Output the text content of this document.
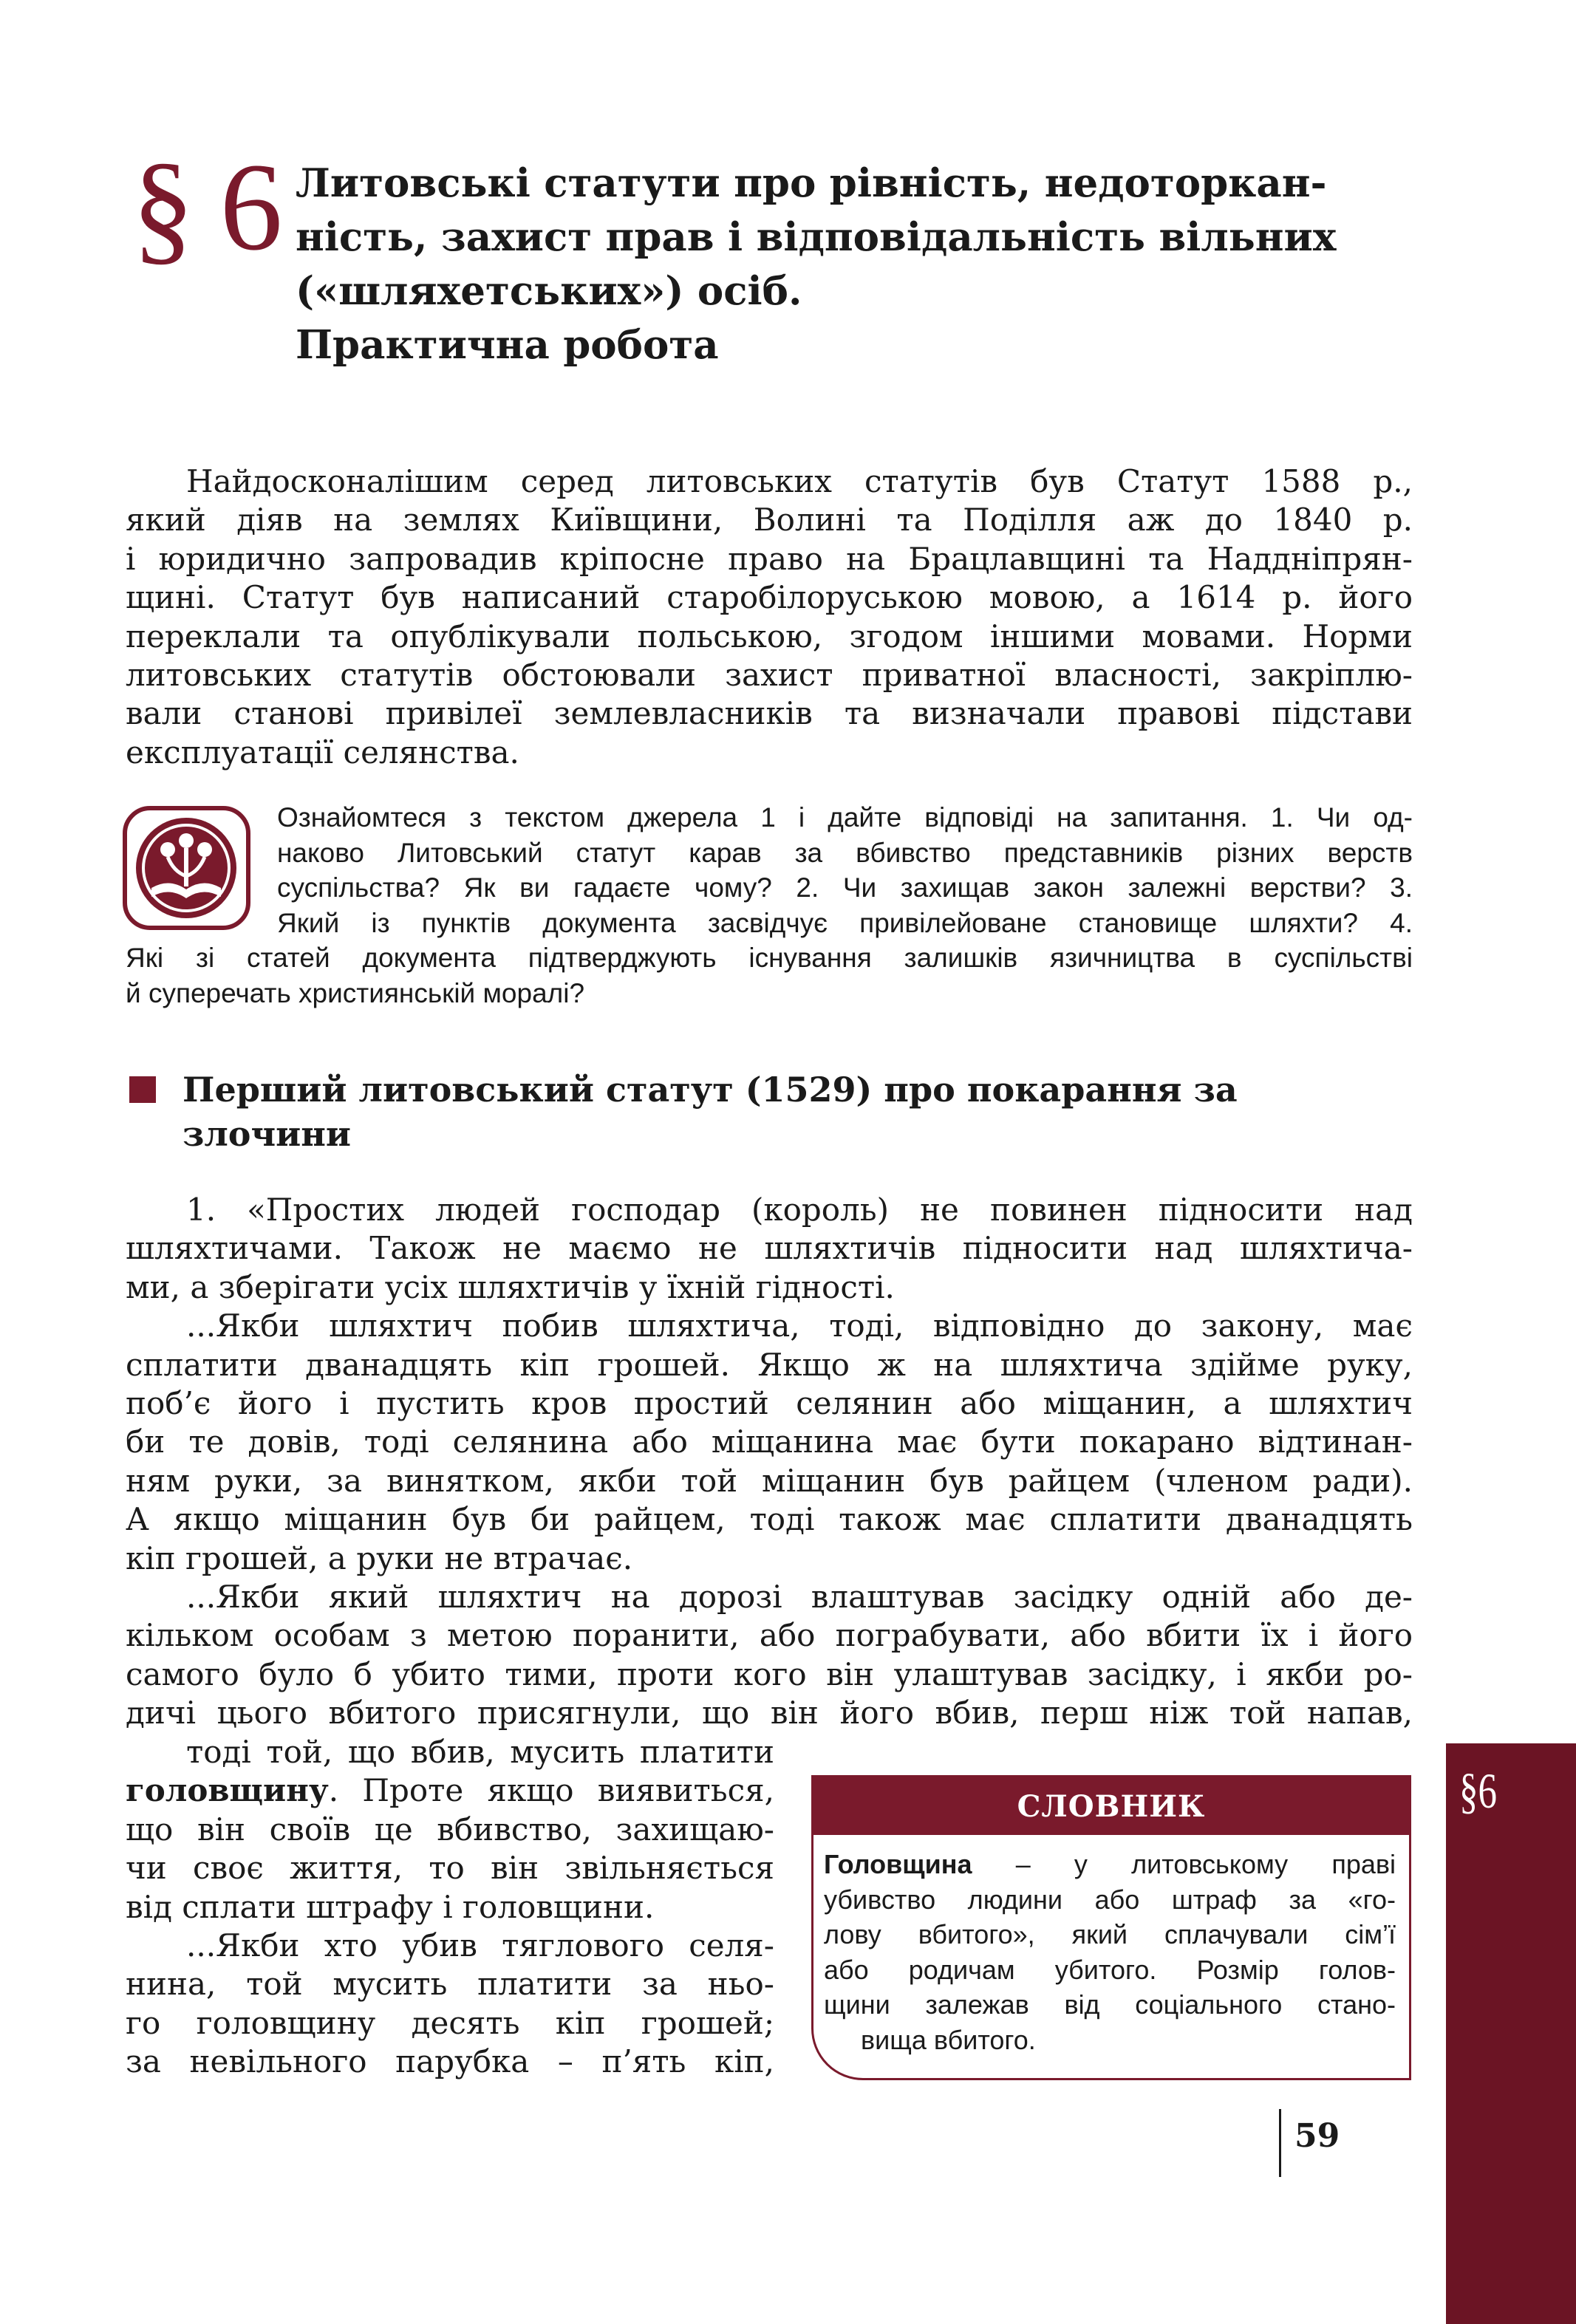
§ 6 Литовські статути про рівність, недоторкан-
ність, захист прав і відповідальність вільних
(«шляхетських») осіб.
Практична робота
Найдосконалішим серед литовських статутів був Статут 1588 р.,
який діяв на землях Київщини, Волині та Поділля аж до 1840 р.
і юридично запровадив кріпосне право на Брацлавщині та Наддніпрян-
щині. Статут був написаний старобілоруською мовою, а 1614 р. його
переклали та опублікували польською, згодом іншими мовами. Норми
литовських статутів обстоювали захист приватної власності, закріплю-
вали станові привілеї землевласників та визначали правові підстави
експлуатації селянства.
Ознайомтеся з текстом джерела 1 і дайте відповіді на запитання. 1. Чи од-
наково Литовський статут карав за вбивство представників різних верств
суспільства? Як ви гадаєте чому? 2. Чи захищав закон залежні верстви? 3.
Який із пунктів документа засвідчує привілейоване становище шляхти? 4.
Які зі статей документа підтверджують існування залишків язичництва в суспільстві
й суперечать християнській моралі?
Перший литовський статут (1529) про покарання за
злочини
1. «Простих людей господар (король) не повинен підносити над
шляхтичами. Також не маємо не шляхтичів підносити над шляхтича-
ми, а зберігати усіх шляхтичів у їхній гідності.
...Якби шляхтич побив шляхтича, тоді, відповідно до закону, має
сплатити дванадцять кіп грошей. Якщо ж на шляхтича здійме руку,
поб’є його і пустить кров простий селянин або міщанин, а шляхтич
би те довів, тоді селянина або міщанина має бути покарано відтинан-
ням руки, за винятком, якби той міщанин був райцем (членом ради).
А якщо міщанин був би райцем, тоді також має сплатити дванадцять
кіп грошей, а руки не втрачає.
...Якби який шляхтич на дорозі влаштував засідку одній або де-
кільком особам з метою поранити, або пограбувати, або вбити їх і його
самого було б убито тими, проти кого він улаштував засідку, і якби ро-
дичі цього вбитого присягнули, що він його вбив, перш ніж той напав,
тоді той, що вбив, мусить платити
головщину. Проте якщо виявиться,
що він своїв це вбивство, захищаю-
чи своє життя, то він звільняється
від сплати штрафу і головщини.
...Якби хто убив тяглового селя-
нина, той мусить платити за ньо-
го головщину десять кіп грошей;
за невільного парубка – п’ять кіп,
СЛОВНИК
Головщина – у литовському праві
убивство людини або штраф за «го-
лову вбитого», який сплачували сім’ї
або родичам убитого. Розмір голов-
щини залежав від соціального стано-
вища вбитого.
§6
59
